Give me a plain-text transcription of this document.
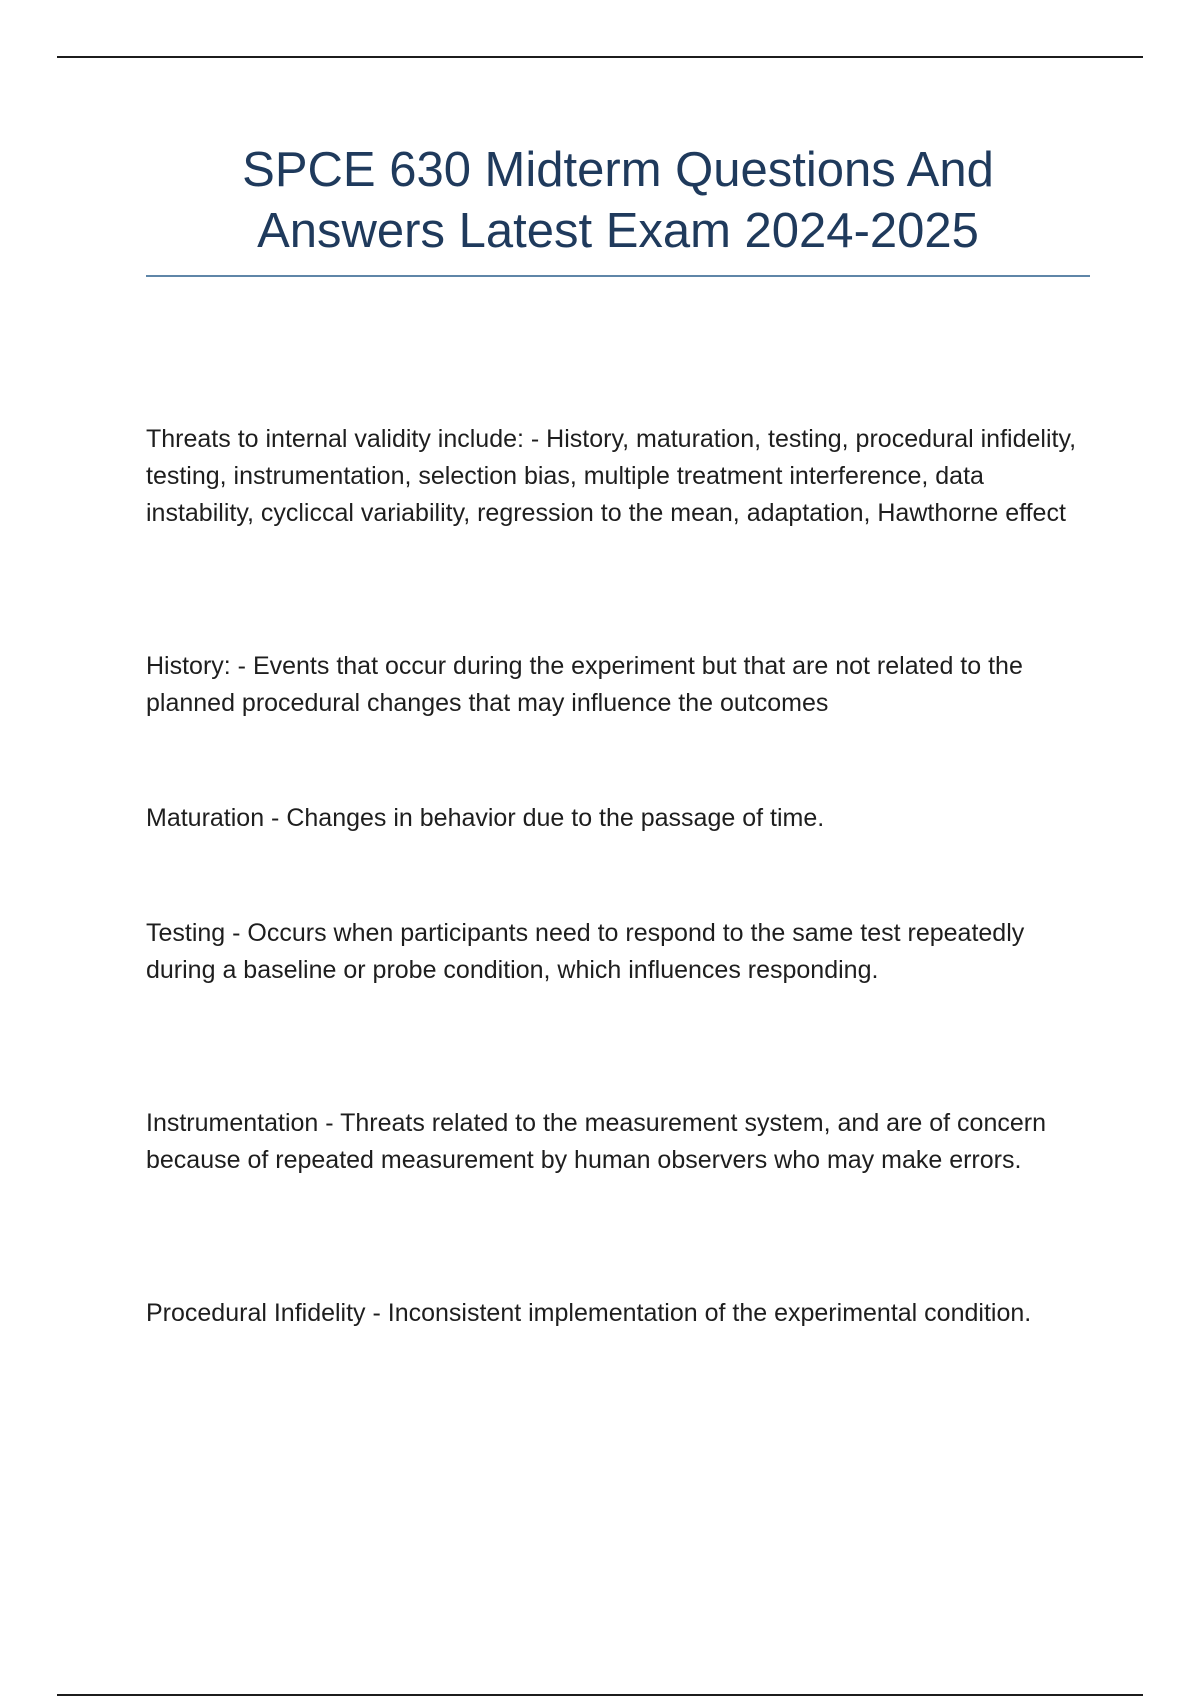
SPCE 630 Midterm Questions And Answers Latest Exam 2024-2025
Threats to internal validity include: - History, maturation, testing, procedural infidelity, testing, instrumentation, selection bias, multiple treatment interference, data instability, cycliccal variability, regression to the mean, adaptation, Hawthorne effect
History: - Events that occur during the experiment but that are not related to the planned procedural changes that may influence the outcomes
Maturation - Changes in behavior due to the passage of time.
Testing - Occurs when participants need to respond to the same test repeatedly during a baseline or probe condition, which influences responding.
Instrumentation - Threats related to the measurement system, and are of concern because of repeated measurement by human observers who may make errors.
Procedural Infidelity - Inconsistent implementation of the experimental condition.
